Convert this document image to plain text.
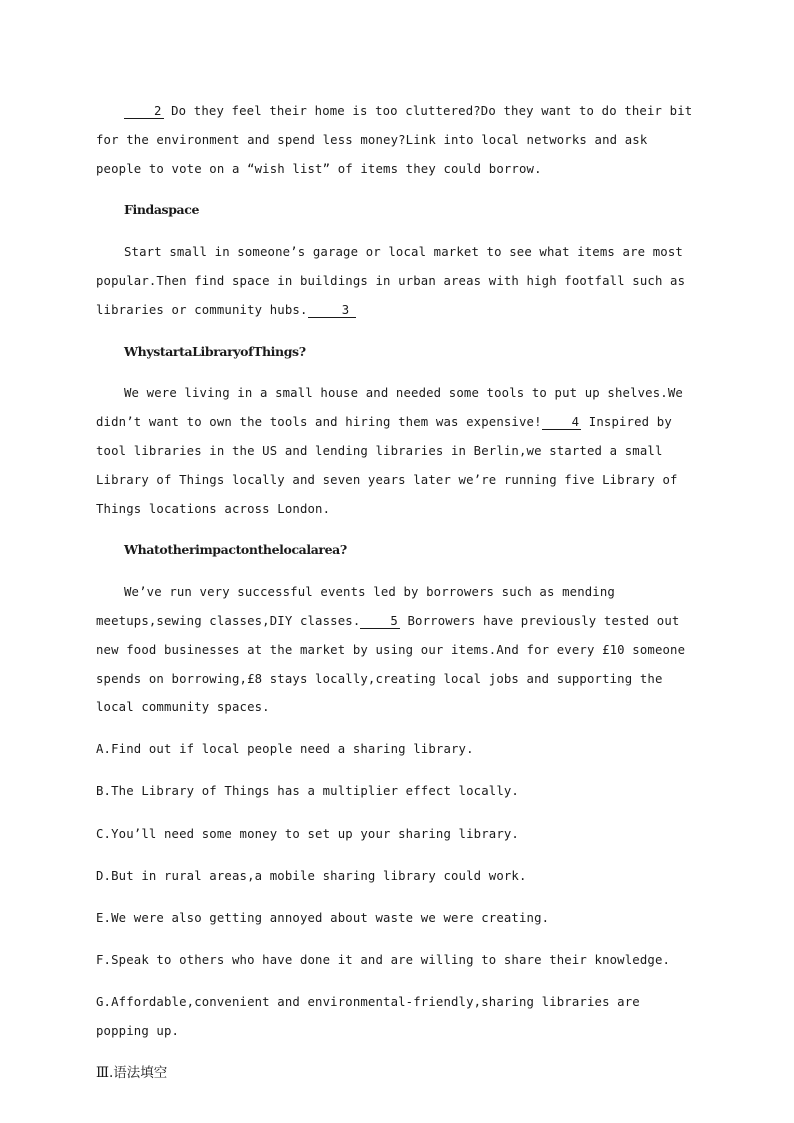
2 Do they feel their home is too cluttered?Do they want to do their bit for the environment and spend less money?Link into local networks and ask people to vote on a “wish list” of items they could borrow.

Findaspace

Start small in someone’s garage or local market to see what items are most popular.Then find space in buildings in urban areas with high footfall such as libraries or community hubs.	3

WhystartaLibraryofThings?

We were living in a small house and needed some tools to put up shelves.We didn’t want to own the tools and hiring them was expensive! 4 Inspired by tool libraries in the US and lending libraries in Berlin,we started a small Library of Things locally and seven years later we’re running five Library of Things locations across London.

Whatotherimpactonthelocalarea?

We’ve run very successful events led by borrowers such as mending meetups,sewing classes,DIY classes. 5 Borrowers have previously tested out new food businesses at the market by using our items.And for every £10 someone spends on borrowing,£8 stays locally,creating local jobs and supporting the local community spaces.

A.Find out if local people need a sharing library.

B.The Library of Things has a multiplier effect locally.

C.You’ll need some money to set up your sharing library.

D.But in rural areas,a mobile sharing library could work.

E.We were also getting annoyed about waste we were creating.

F.Speak to others who have done it and are willing to share their knowledge.

G.Affordable,convenient and environmental-friendly,sharing libraries are popping up.

Ⅲ.语法填空
